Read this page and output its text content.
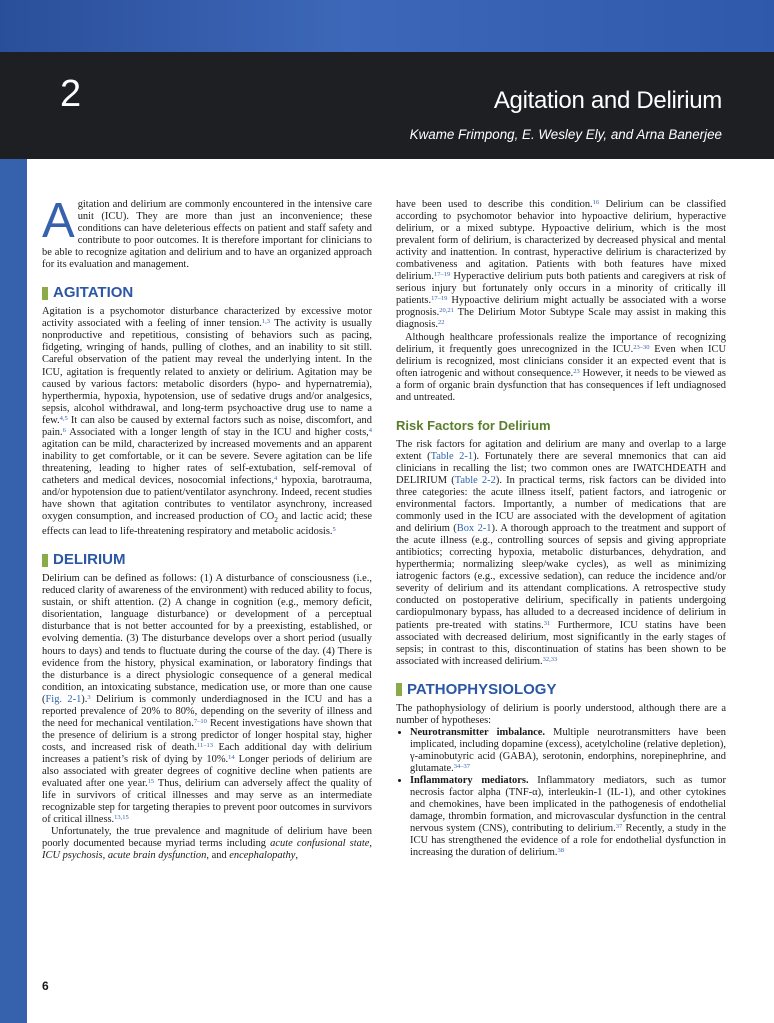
2	Agitation and Delirium
Kwame Frimpong, E. Wesley Ely, and Arna Banerjee

Agitation and delirium are commonly encountered in the intensive care unit (ICU). They are more than just an inconvenience; these conditions can have deleterious effects on patient and staff safety and contribute to poor outcomes. It is therefore important for clinicians to be able to recognize agitation and delirium and to have an organized approach for its evaluation and management.

AGITATION

Agitation is a psychomotor disturbance characterized by excessive motor activity associated with a feeling of inner tension.$^{1,3}$ The activity is usually nonproductive and repetitious, consisting of behaviors such as pacing, fidgeting, wringing of hands, pulling of clothes, and an inability to sit still. Careful observation of the patient may reveal the underlying intent. In the ICU, agitation is frequently related to anxiety or delirium. Agitation may be caused by various factors: metabolic disorders (hypo- and hypernatremia), hyperthermia, hypoxia, hypotension, use of sedative drugs and/or analgesics, sepsis, alcohol withdrawal, and long-term psychoactive drug use to name a few.$^{4,5}$ It can also be caused by external factors such as noise, discomfort, and pain.$^6$ Associated with a longer length of stay in the ICU and higher costs,$^4$ agitation can be mild, characterized by increased movements and an apparent inability to get comfortable, or it can be severe. Severe agitation can be life threatening, leading to higher rates of self-extubation, self-removal of catheters and medical devices, nosocomial infections,$^4$ hypoxia, barotrauma, and/or hypotension due to patient/ventilator asynchrony. Indeed, recent studies have shown that agitation contributes to ventilator asynchrony, increased oxygen consumption, and increased production of $CO_2$ and lactic acid; these effects can lead to life-threatening respiratory and metabolic acidosis.$^5$

DELIRIUM

Delirium can be defined as follows: (1) A disturbance of consciousness (i.e., reduced clarity of awareness of the environment) with reduced ability to focus, sustain, or shift attention. (2) A change in cognition (e.g., memory deficit, disorientation, language disturbance) or development of a perceptual disturbance that is not better accounted for by a preexisting, established, or evolving dementia. (3) The disturbance develops over a short period (usually hours to days) and tends to fluctuate during the course of the day. (4) There is evidence from the history, physical examination, or laboratory findings that the disturbance is a direct physiologic consequence of a general medical condition, an intoxicating substance, medication use, or more than one cause (Fig. 2-1).$^3$ Delirium is commonly underdiagnosed in the ICU and has a reported prevalence of 20% to 80%, depending on the severity of illness and the need for mechanical ventilation.$^{7-10}$ Recent investigations have shown that the presence of delirium is a strong predictor of longer hospital stay, higher costs, and increased risk of death.$^{11-13}$ Each additional day with delirium increases a patient’s risk of dying by 10%.$^{14}$ Longer periods of delirium are also associated with greater degrees of cognitive decline when patients are evaluated after one year.$^{15}$ Thus, delirium can adversely affect the quality of life in survivors of critical illnesses and may serve as an intermediate recognizable step for targeting therapies to prevent poor outcomes in survivors of critical illness.$^{13,15}$

Unfortunately, the true prevalence and magnitude of delirium have been poorly documented because myriad terms including acute confusional state, ICU psychosis, acute brain dysfunction, and encephalopathy,

have been used to describe this condition.$^{16}$ Delirium can be classified according to psychomotor behavior into hypoactive delirium, hyperactive delirium, or a mixed subtype. Hypoactive delirium, which is the most prevalent form of delirium, is characterized by decreased physical and mental activity and inattention. In contrast, hyperactive delirium is characterized by combativeness and agitation. Patients with both features have mixed delirium.$^{17-19}$ Hyperactive delirium puts both patients and caregivers at risk of serious injury but fortunately only occurs in a minority of critically ill patients.$^{17-19}$ Hypoactive delirium might actually be associated with a worse prognosis.$^{20,21}$ The Delirium Motor Subtype Scale may assist in making this diagnosis.$^{22}$

Although healthcare professionals realize the importance of recognizing delirium, it frequently goes unrecognized in the ICU.$^{23-30}$ Even when ICU delirium is recognized, most clinicians consider it an expected event that is often iatrogenic and without consequence.$^{23}$ However, it needs to be viewed as a form of organic brain dysfunction that has consequences if left undiagnosed and untreated.

Risk Factors for Delirium

The risk factors for agitation and delirium are many and overlap to a large extent (Table 2-1). Fortunately there are several mnemonics that can aid clinicians in recalling the list; two common ones are IWATCHDEATH and DELIRIUM (Table 2-2). In practical terms, risk factors can be divided into three categories: the acute illness itself, patient factors, and iatrogenic or environmental factors. Importantly, a number of medications that are commonly used in the ICU are associated with the development of agitation and delirium (Box 2-1). A thorough approach to the treatment and support of the acute illness (e.g., controlling sources of sepsis and giving appropriate antibiotics; correcting hypoxia, metabolic disturbances, dehydration, and hyperthermia; normalizing sleep/wake cycles), as well as minimizing iatrogenic factors (e.g., excessive sedation), can reduce the incidence and/or severity of delirium and its attendant complications. A retrospective study conducted on postoperative delirium, specifically in patients undergoing cardiopulmonary bypass, has alluded to a decreased incidence of delirium in patients pre-treated with statins.$^{31}$ Furthermore, ICU statins have been associated with decreased delirium, most significantly in the early stages of sepsis; in contrast to this, discontinuation of statins has been shown to be associated with increased delirium.$^{32,33}$

PATHOPHYSIOLOGY

The pathophysiology of delirium is poorly understood, although there are a number of hypotheses:

• Neurotransmitter imbalance. Multiple neurotransmitters have been implicated, including dopamine (excess), acetylcholine (relative depletion), γ-aminobutyric acid (GABA), serotonin, endorphins, norepinephrine, and glutamate.$^{34-37}$
• Inflammatory mediators. Inflammatory mediators, such as tumor necrosis factor alpha (TNF-α), interleukin-1 (IL-1), and other cytokines and chemokines, have been implicated in the pathogenesis of endothelial damage, thrombin formation, and microvascular dysfunction in the central nervous system (CNS), contributing to delirium.$^{37}$ Recently, a study in the ICU has strengthened the evidence of a role for endothelial dysfunction in increasing the duration of delirium.$^{38}$
6
